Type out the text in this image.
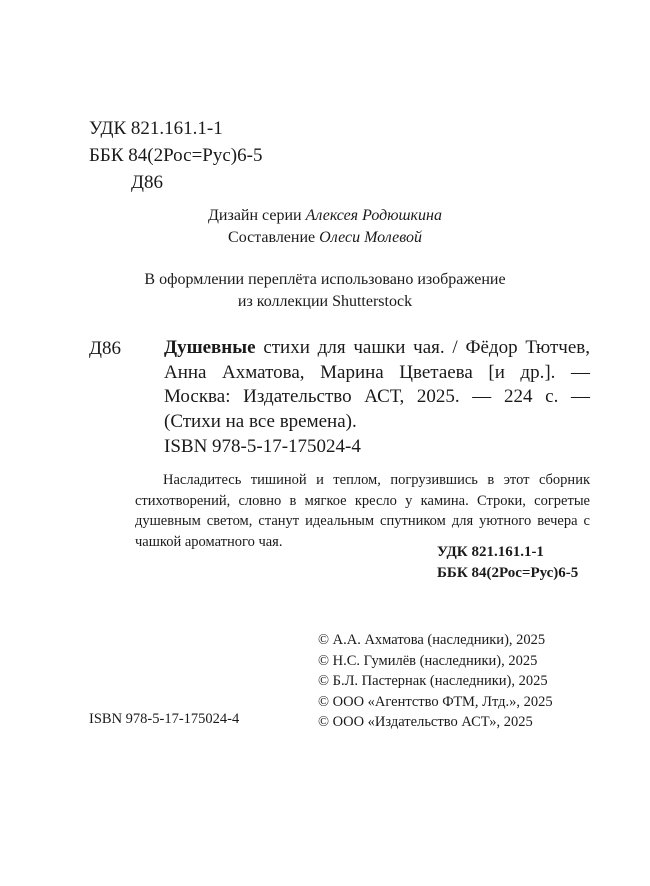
УДК 821.161.1-1
ББК 84(2Рос=Рус)6-5
Д86
Дизайн серии Алексея Родюшкина
Составление Олеси Молевой
В оформлении переплёта использовано изображение
из коллекции Shutterstock
Д86 Душевные стихи для чашки чая. / Фёдор Тютчев, Анна Ахматова, Марина Цветаева [и др.]. — Москва: Издательство АСТ, 2025. — 224 с. — (Стихи на все времена).
ISBN 978-5-17-175024-4
Насладитесь тишиной и теплом, погрузившись в этот сборник стихотворений, словно в мягкое кресло у камина. Строки, согретые душевным светом, станут идеальным спутником для уютного вечера с чашкой ароматного чая.
УДК 821.161.1-1
ББК 84(2Рос=Рус)6-5
© А.А. Ахматова (наследники), 2025
© Н.С. Гумилёв (наследники), 2025
© Б.Л. Пастернак (наследники), 2025
© ООО «Агентство ФТМ, Лтд.», 2025
© ООО «Издательство АСТ», 2025
ISBN 978-5-17-175024-4
